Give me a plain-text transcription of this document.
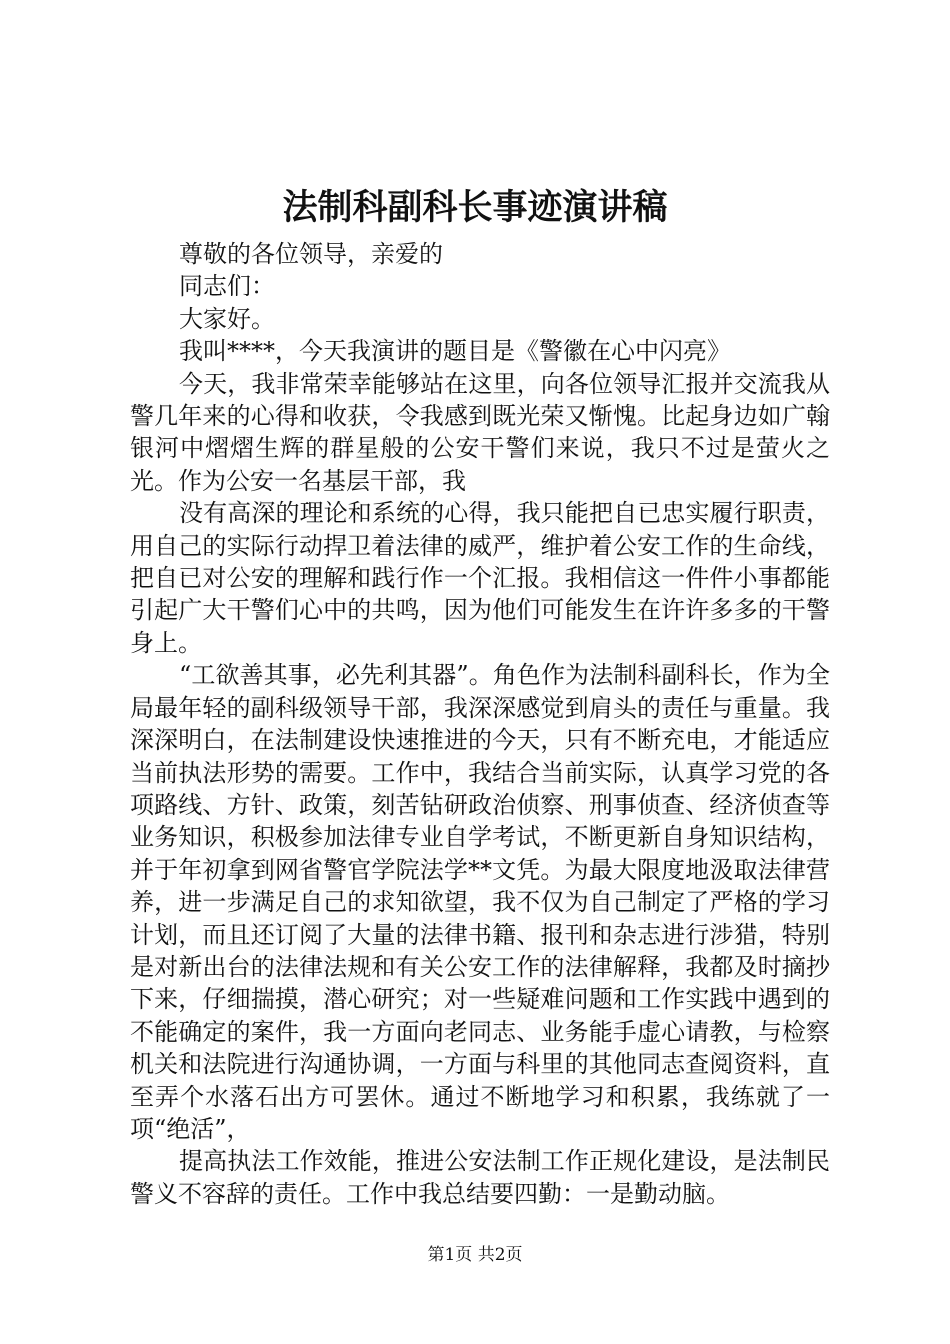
法制科副科长事迹演讲稿

尊敬的各位领导，亲爱的

同志们：

大家好。

我叫****，今天我演讲的题目是《警徽在心中闪亮》

今天，我非常荣幸能够站在这里，向各位领导汇报并交流我从警几年来的心得和收获，令我感到既光荣又惭愧。比起身边如广翰银河中熠熠生辉的群星般的公安干警们来说，我只不过是萤火之光。作为公安一名基层干部，我

没有高深的理论和系统的心得，我只能把自已忠实履行职责，用自己的实际行动捍卫着法律的威严，维护着公安工作的生命线，把自已对公安的理解和践行作一个汇报。我相信这一件件小事都能引起广大干警们心中的共鸣，因为他们可能发生在许许多多的干警身上。

“工欲善其事，必先利其器”。角色作为法制科副科长，作为全局最年轻的副科级领导干部，我深深感觉到肩头的责任与重量。我深深明白，在法制建设快速推进的今天，只有不断充电，才能适应当前执法形势的需要。工作中，我结合当前实际，认真学习党的各项路线、方针、政策，刻苦钻研政治侦察、刑事侦查、经济侦查等业务知识，积极参加法律专业自学考试，不断更新自身知识结构，并于年初拿到网省警官学院法学**文凭。为最大限度地汲取法律营养，进一步满足自己的求知欲望，我不仅为自己制定了严格的学习计划，而且还订阅了大量的法律书籍、报刊和杂志进行涉猎，特别是对新出台的法律法规和有关公安工作的法律解释，我都及时摘抄下来，仔细揣摸，潜心研究；对一些疑难问题和工作实践中遇到的不能确定的案件，我一方面向老同志、业务能手虚心请教，与检察机关和法院进行沟通协调，一方面与科里的其他同志查阅资料，直至弄个水落石出方可罢休。通过不断地学习和积累，我练就了一项“绝活”，

提高执法工作效能，推进公安法制工作正规化建设，是法制民警义不容辞的责任。工作中我总结要四勤：一是勤动脑。

第1页 共2页
